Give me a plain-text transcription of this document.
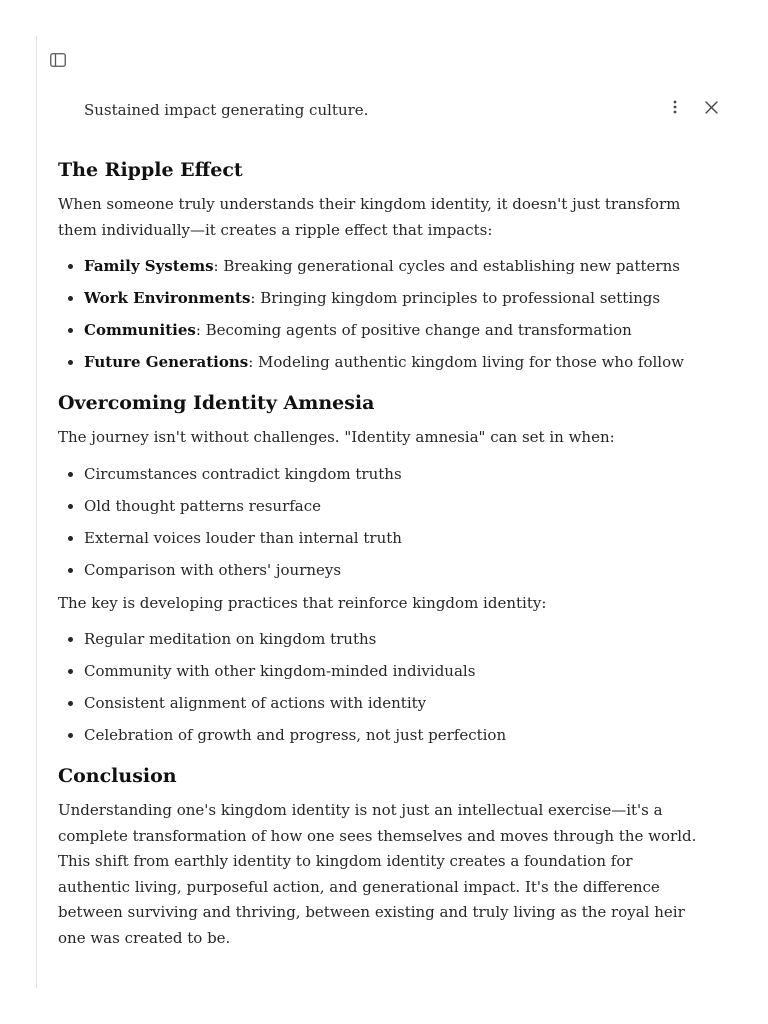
Sustained impact generating culture.
The Ripple Effect

When someone truly understands their kingdom identity, it doesn't just transform them individually—it creates a ripple effect that impacts:

• Family Systems: Breaking generational cycles and establishing new patterns
• Work Environments: Bringing kingdom principles to professional settings
• Communities: Becoming agents of positive change and transformation
• Future Generations: Modeling authentic kingdom living for those who follow
Overcoming Identity Amnesia

The journey isn't without challenges. "Identity amnesia" can set in when:

• Circumstances contradict kingdom truths
• Old thought patterns resurface
• External voices louder than internal truth
• Comparison with others' journeys

The key is developing practices that reinforce kingdom identity:

• Regular meditation on kingdom truths
• Community with other kingdom-minded individuals
• Consistent alignment of actions with identity
• Celebration of growth and progress, not just perfection
Conclusion

Understanding one's kingdom identity is not just an intellectual exercise—it's a complete transformation of how one sees themselves and moves through the world. This shift from earthly identity to kingdom identity creates a foundation for authentic living, purposeful action, and generational impact. It's the difference between surviving and thriving, between existing and truly living as the royal heir one was created to be.
